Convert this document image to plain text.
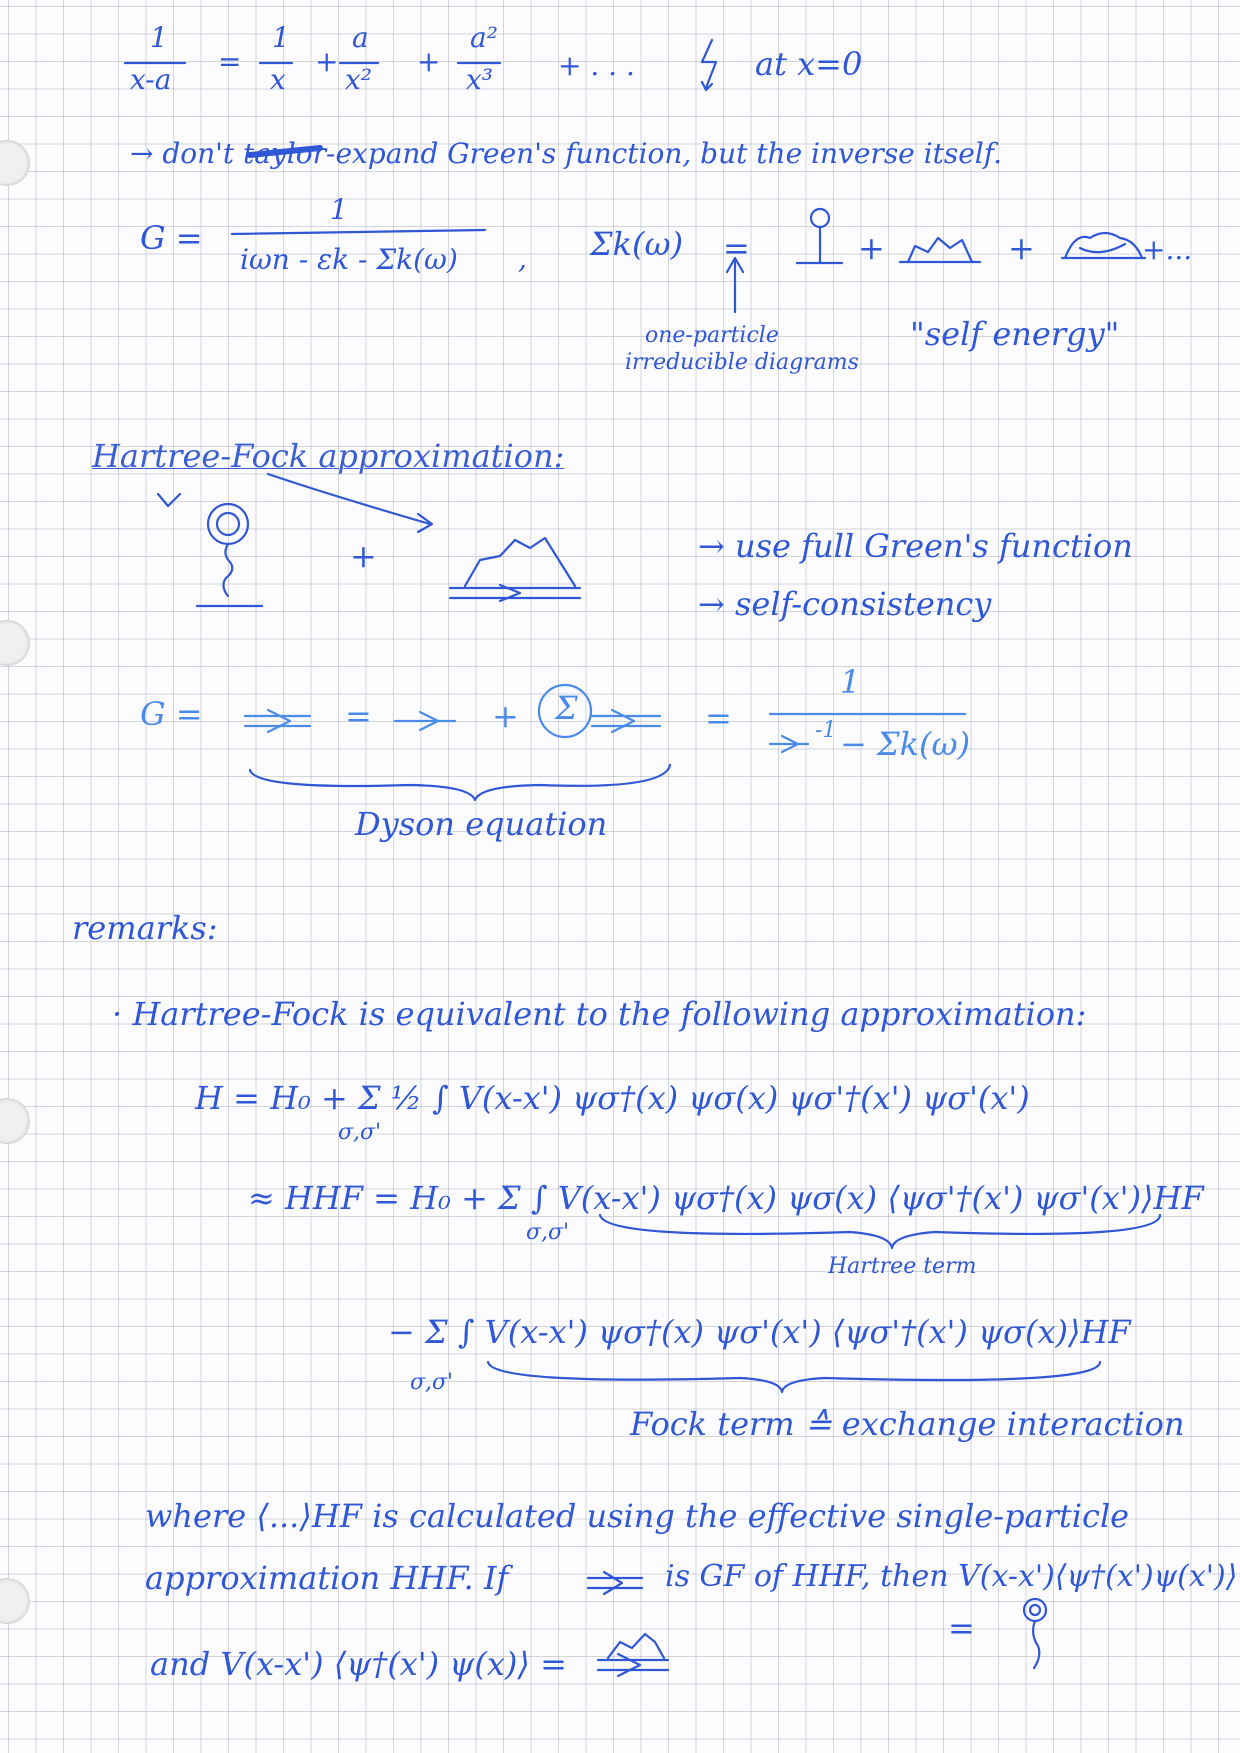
1
x-a
=
1
x
+
a
x²
+
a²
x³ + . . .	at x=0
→ don't taylor-expand Green's function, but the inverse itself.
G =
1
iωn - εk - Σk(ω) , Σk(ω) =	+	+	+...
one-particle
irreducible diagrams
"self energy"
Hartree-Fock approximation:
+	→ use full Green's function
→ self-consistency
G =	=	+ Σ	=
1
-1 − Σk(ω)
Dyson equation
remarks:
· Hartree-Fock is equivalent to the following approximation:
H = H₀ + Σ ½ ∫ V(x-x') ψσ†(x) ψσ(x) ψσ'†(x') ψσ'(x')
σ,σ'
≈ HHF = H₀ + Σ ∫ V(x-x') ψσ†(x) ψσ(x) ⟨ψσ'†(x') ψσ'(x')⟩HF
σ,σ'
Hartree term
− Σ ∫ V(x-x') ψσ†(x) ψσ'(x') ⟨ψσ'†(x') ψσ(x)⟩HF
σ,σ'
Fock term ≙ exchange interaction
where ⟨...⟩HF is calculated using the effective single-particle
approximation HHF. If	is GF of HHF, then V(x-x')⟨ψ†(x')ψ(x')⟩
=
and V(x-x') ⟨ψ†(x') ψ(x)⟩ =
